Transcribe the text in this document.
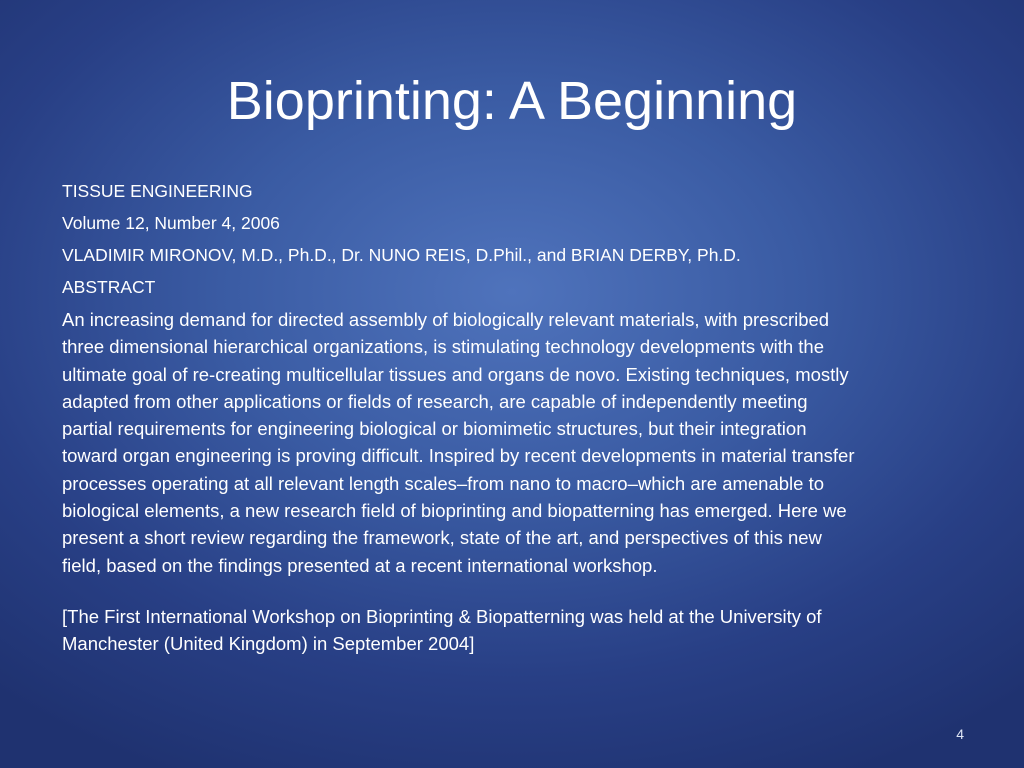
Bioprinting: A Beginning

TISSUE ENGINEERING

Volume 12, Number 4, 2006

VLADIMIR MIRONOV, M.D., Ph.D., Dr. NUNO REIS, D.Phil., and BRIAN DERBY, Ph.D.

ABSTRACT

An increasing demand for directed assembly of biologically relevant materials, with prescribed
three dimensional hierarchical organizations, is stimulating technology developments with the
ultimate goal of re-creating multicellular tissues and organs de novo. Existing techniques, mostly
adapted from other applications or fields of research, are capable of independently meeting
partial requirements for engineering biological or biomimetic structures, but their integration
toward organ engineering is proving difficult. Inspired by recent developments in material transfer
processes operating at all relevant length scales–from nano to macro–which are amenable to
biological elements, a new research field of bioprinting and biopatterning has emerged. Here we
present a short review regarding the framework, state of the art, and perspectives of this new
field, based on the findings presented at a recent international workshop.

[The First International Workshop on Bioprinting & Biopatterning was held at the University of
Manchester (United Kingdom) in September 2004]

4
